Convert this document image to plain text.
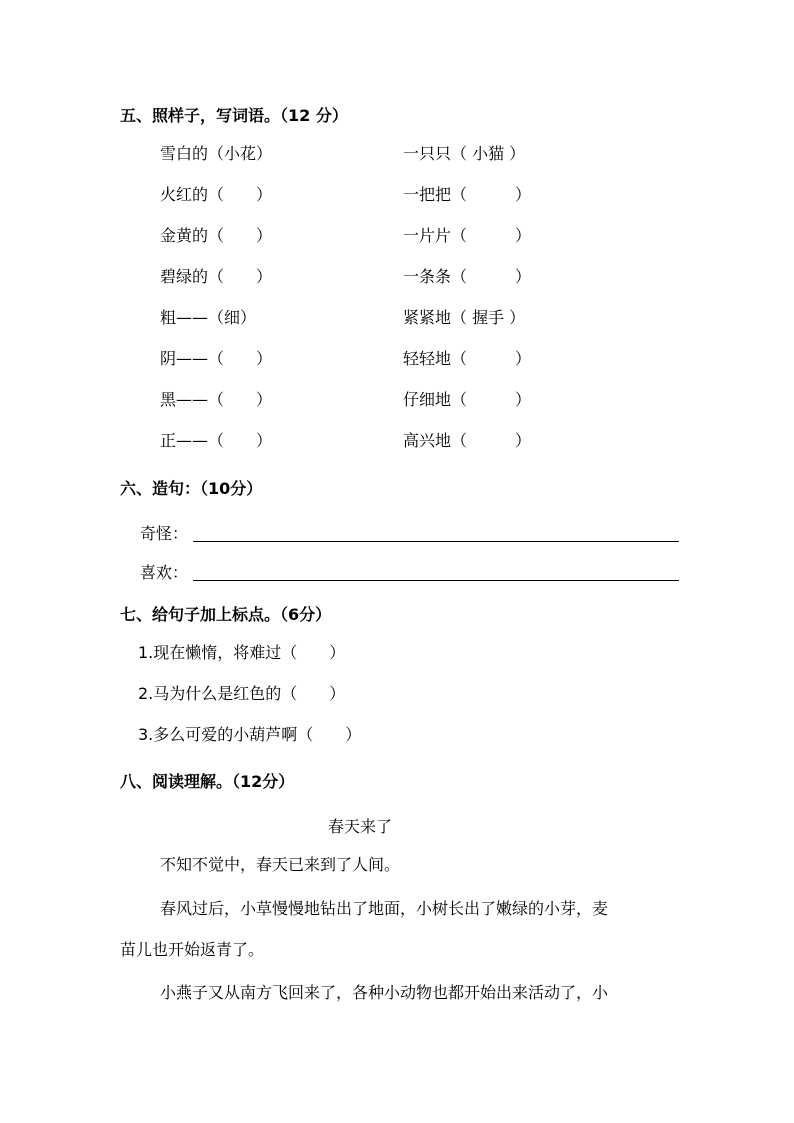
五、照样子，写词语。（12 分）
雪白的（小花）
火红的（　　）
金黄的（　　）
碧绿的（　　）
粗——（细）
阴——（　　）
黑——（　　）
正——（　　）
一只只（ 小猫 ）
一把把（　　　）
一片片（　　　）
一条条（　　　）
紧紧地（ 握手 ）
轻轻地（　　　）
仔细地（　　　）
高兴地（　　　）
六、造句：（10分）
奇怪：
喜欢：
七、给句子加上标点。（6分）
1.现在懒惰，将难过（　　）
2.马为什么是红色的（　　）
3.多么可爱的小葫芦啊（　　）
八、阅读理解。（12分）
春天来了
不知不觉中，春天已来到了人间。
春风过后，小草慢慢地钻出了地面，小树长出了嫩绿的小芽，麦
苗儿也开始返青了。
小燕子又从南方飞回来了，各种小动物也都开始出来活动了，小
